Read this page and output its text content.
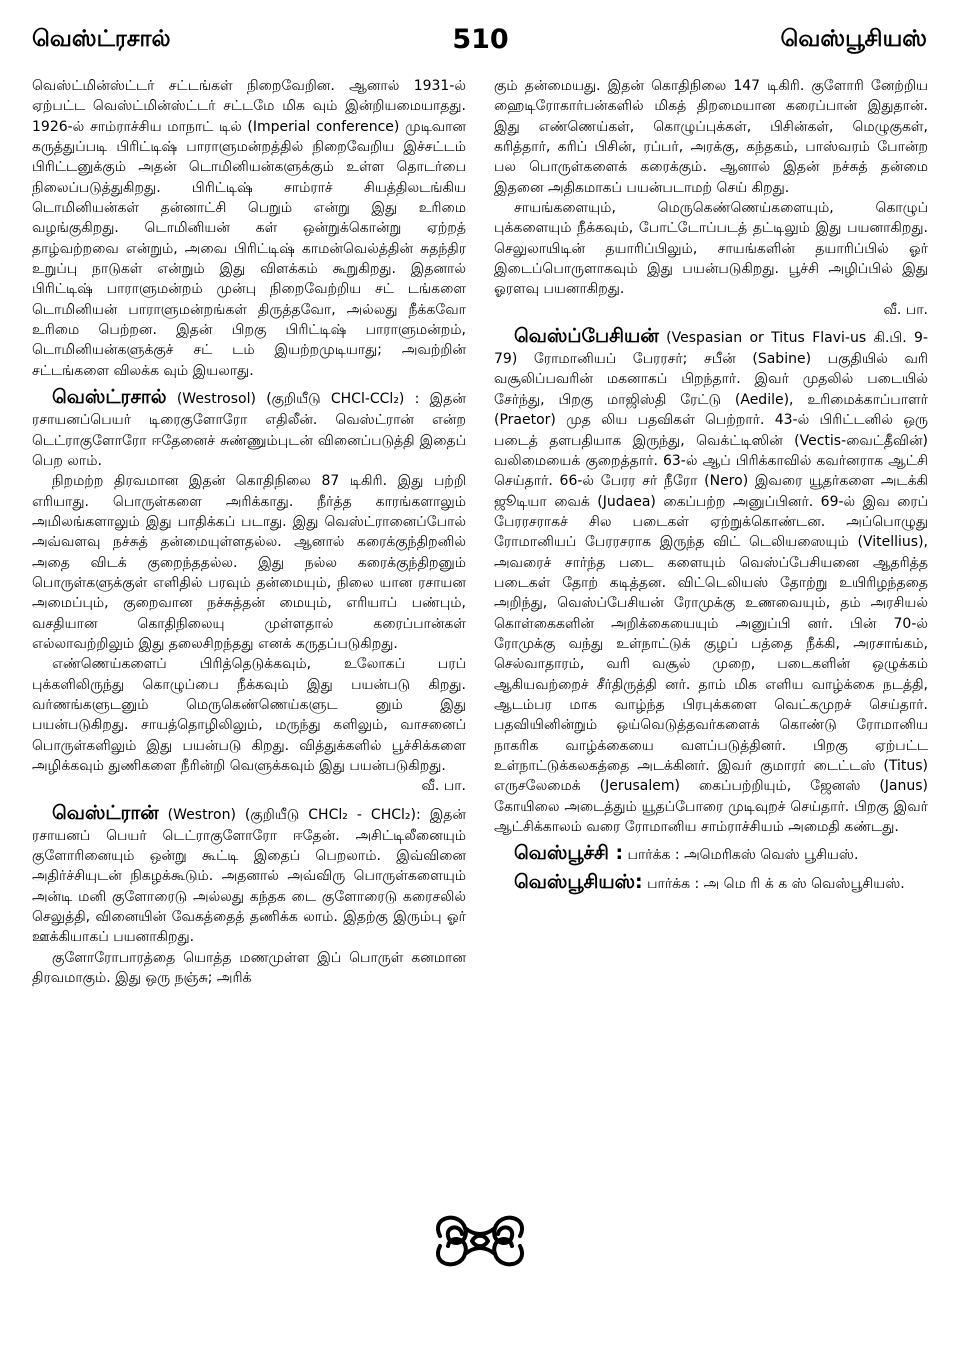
வெஸ்ட்ரசால்	510	வெஸ்பூசியஸ்

வெஸ்ட்மின்ஸ்ட்டர் சட்டங்கள் நிறைவேறின. ஆனால் 1931-ல் ஏற்பட்ட வெஸ்ட்மின்ஸ்ட்டர் சட்டமே மிக வும் இன்றியமையாதது. 1926-ல் சாம்ராச்சிய மாநாட் டில் (Imperial conference) முடிவான கருத்துப்படி பிரிட்டிஷ் பாராளுமன்றத்தில் நிறைவேறிய இச்சட்டம் பிரிட்டனுக்கும் அதன் டொமினியன்களுக்கும் உள்ள தொடர்பை நிலைப்படுத்துகிறது. பிரிட்டிஷ் சாம்ராச் சியத்திலடங்கிய டொமினியன்கள் தன்னாட்சி பெறும் என்று இது உரிமை வழங்குகிறது. டொமினியன் கள் ஒன்றுக்கொன்று ஏற்றத் தாழ்வற்றவை என்றும், அவை பிரிட்டிஷ் காமன்வெல்த்தின் சுதந்திர உறுப்பு நாடுகள் என்றும் இது விளக்கம் கூறுகிறது. இதனால் பிரிட்டிஷ் பாராளுமன்றம் முன்பு நிறைவேற்றிய சட் டங்களை டொமினியன் பாராளுமன்றங்கள் திருத்தவோ, அல்லது நீக்கவோ உரிமை பெற்றன. இதன் பிறகு பிரிட்டிஷ் பாராளுமன்றம், டொமினியன்களுக்குச் சட் டம் இயற்றமுடியாது; அவற்றின் சட்டங்களை விலக்க வும் இயலாது.

வெஸ்ட்ரசால் (Westrosol) (குறியீடு CHCl-CCl₂) : இதன் ரசாயனப்பெயர் டிரைகுளோரோ எதிலீன். வெஸ்ட்ரான் என்ற டெட்ராகுளோரோ ஈதேனைச் சுண்ணும்புடன் வினைப்படுத்தி இதைப் பெற லாம்.

நிறமற்ற திரவமான இதன் கொதிநிலை 87 டிகிரி. இது பற்றி எரியாது. பொருள்களை அரிக்காது. நீர்த்த காரங்களாலும் அமிலங்களாலும் இது பாதிக்கப் படாது. இது வெஸ்ட்ரானைப்போல் அவ்வளவு நச்சுத் தன்மையுள்ளதல்ல. ஆனால் கரைக்குந்திறனில் அதை விடக் குறைந்ததல்ல. இது நல்ல கரைக்குந்திறனும் பொருள்களுக்குள் எளிதில் பரவும் தன்மையும், நிலை யான ரசாயன அமைப்பும், குறைவான நச்சுத்தன் மையும், எரியாப் பண்பும், வசதியான கொதிநிலையு முள்ளதால் கரைப்பான்கள் எல்லாவற்றிலும் இது தலைசிறந்தது எனக் கருதப்படுகிறது.

எண்ணெய்களைப் பிரித்தெடுக்கவும், உலோகப் பரப் புக்களிலிருந்து கொழுப்பை நீக்கவும் இது பயன்படு கிறது. வர்ணங்களுடனும் மெருகெண்ணெய்களுட னும் இது பயன்படுகிறது. சாயத்தொழிலிலும், மருந்து களிலும், வாசனைப் பொருள்களிலும் இது பயன்படு கிறது. வித்துக்களில் பூச்சிக்களை அழிக்கவும் துணிகளை நீரின்றி வெளுக்கவும் இது பயன்படுகிறது.
வீ. பா.

வெஸ்ட்ரான் (Westron) (குறியீடு CHCl₂ - CHCl₂): இதன் ரசாயனப் பெயர் டெட்ராகுளோரோ ஈதேன். அசிட்டிலீனையும் குளோரினையும் ஒன்று கூட்டி இதைப் பெறலாம். இவ்வினை அதிர்ச்சியுடன் நிகழக்கூடும். அதனால் அவ்விரு பொருள்களையும் அன்டி மனி குளோரைடு அல்லது கந்தக டை குளோரைடு கரைசலில் செலுத்தி, வினையின் வேகத்தைத் தணிக்க லாம். இதற்கு இரும்பு ஓர் ஊக்கியாகப் பயனாகிறது.

குளோரோபாரத்தை யொத்த மணமுள்ள இப் பொருள் கனமான திரவமாகும். இது ஒரு நஞ்சு; அரிக்

கும் தன்மையது. இதன் கொதிநிலை 147 டிகிரி. குளோரி னேற்றிய ஹைடிரோகார்பன்களில் மிகத் திறமையான கரைப்பான் இதுதான். இது எண்ணெய்கள், கொழுப்புக்கள், பிசின்கள், மெழுகுகள், கரித்தார், கரிப் பிசின், ரப்பர், அரக்கு, கந்தகம், பாஸ்வரம் போன்ற பல பொருள்களைக் கரைக்கும். ஆனால் இதன் நச்சுத் தன்மை இதனை அதிகமாகப் பயன்படாமற் செய் கிறது.

சாயங்களையும், மெருகெண்ணெய்களையும், கொழுப் புக்களையும் நீக்கவும், போட்டோப்படத் தட்டிலும் இது பயனாகிறது. செலுலாயிடின் தயாரிப்பிலும், சாயங்களின் தயாரிப்பில் ஓர் இடைப்பொருளாகவும் இது பயன்படுகிறது. பூச்சி அழிப்பில் இது ஓரளவு பயனாகிறது.
வீ. பா.

வெஸ்ப்பேசியன் (Vespasian or Titus Flavi-us கி.பி. 9-79) ரோமானியப் பேரரசர்; சபீன் (Sabine) பகுதியில் வரி வசூலிப்பவரின் மகனாகப் பிறந்தார். இவர் முதலில் படையில் சேர்ந்து, பிறகு மாஜிஸ்தி ரேட்டு (Aedile), உரிமைக்காப்பாளர் (Praetor) முத லிய பதவிகள் பெற்றார். 43-ல் பிரிட்டனில் ஒரு படைத் தளபதியாக இருந்து, வெக்ட்டிஸின் (Vectis-வைட்தீவின்) வலிமையைக் குறைத்தார். 63-ல் ஆப் பிரிக்காவில் கவர்னராக ஆட்சி செய்தார். 66-ல் பேரர சர் நீரோ (Nero) இவரை யூதர்களை அடக்கி ஜூடியா வைக் (Judaea) கைப்பற்ற அனுப்பினர். 69-ல் இவ ரைப் பேரரசராகச் சில படைகள் ஏற்றுக்கொண்டன. அப்பொழுது ரோமானியப் பேரரசராக இருந்த விட் டெலியஸையும் (Vitellius), அவரைச் சார்ந்த படை களையும் வெஸ்ப்பேசியனை ஆதரித்த படைகள் தோற் கடித்தன. விட்டெலியஸ் தோற்று உயிரிழந்ததை அறிந்து, வெஸ்ப்பேசியன் ரோமுக்கு உணவையும், தம் அரசியல் கொள்கைகளின் அறிக்கையையும் அனுப்பி னர். பின் 70-ல் ரோமுக்கு வந்து உள்நாட்டுக் குழப் பத்தை நீக்கி, அரசாங்கம், செல்வாதாரம், வரி வசூல் முறை, படைகளின் ஒழுக்கம் ஆகியவற்றைச் சீர்திருத்தி னர். தாம் மிக எளிய வாழ்க்கை நடத்தி, ஆடம்பர மாக வாழ்ந்த பிரபுக்களை வெட்கமுறச் செய்தார். பதவியினின்றும் ஒய்வெடுத்தவர்களைக் கொண்டு ரோமானிய நாகரிக வாழ்க்கையை வளப்படுத்தினர். பிறகு ஏற்பட்ட உள்நாட்டுக்கலகத்தை அடக்கினர். இவர் குமாரர் டைட்டஸ் (Titus) எருசலேமைக் (Jerusalem) கைப்பற்றியும், ஜேனஸ் (Janus) கோயிலை அடைத்தும் யூதப்போரை முடிவுறச் செய்தார். பிறகு இவர் ஆட்சிக்காலம் வரை ரோமானிய சாம்ராச்சியம் அமைதி கண்டது.

வெஸ்பூச்சி : பார்க்க : அமெரிகஸ் வெஸ் பூசியஸ்.

வெஸ்பூசியஸ்: பார்க்க : அ மெ ரி க் க ஸ் வெஸ்பூசியஸ்.
